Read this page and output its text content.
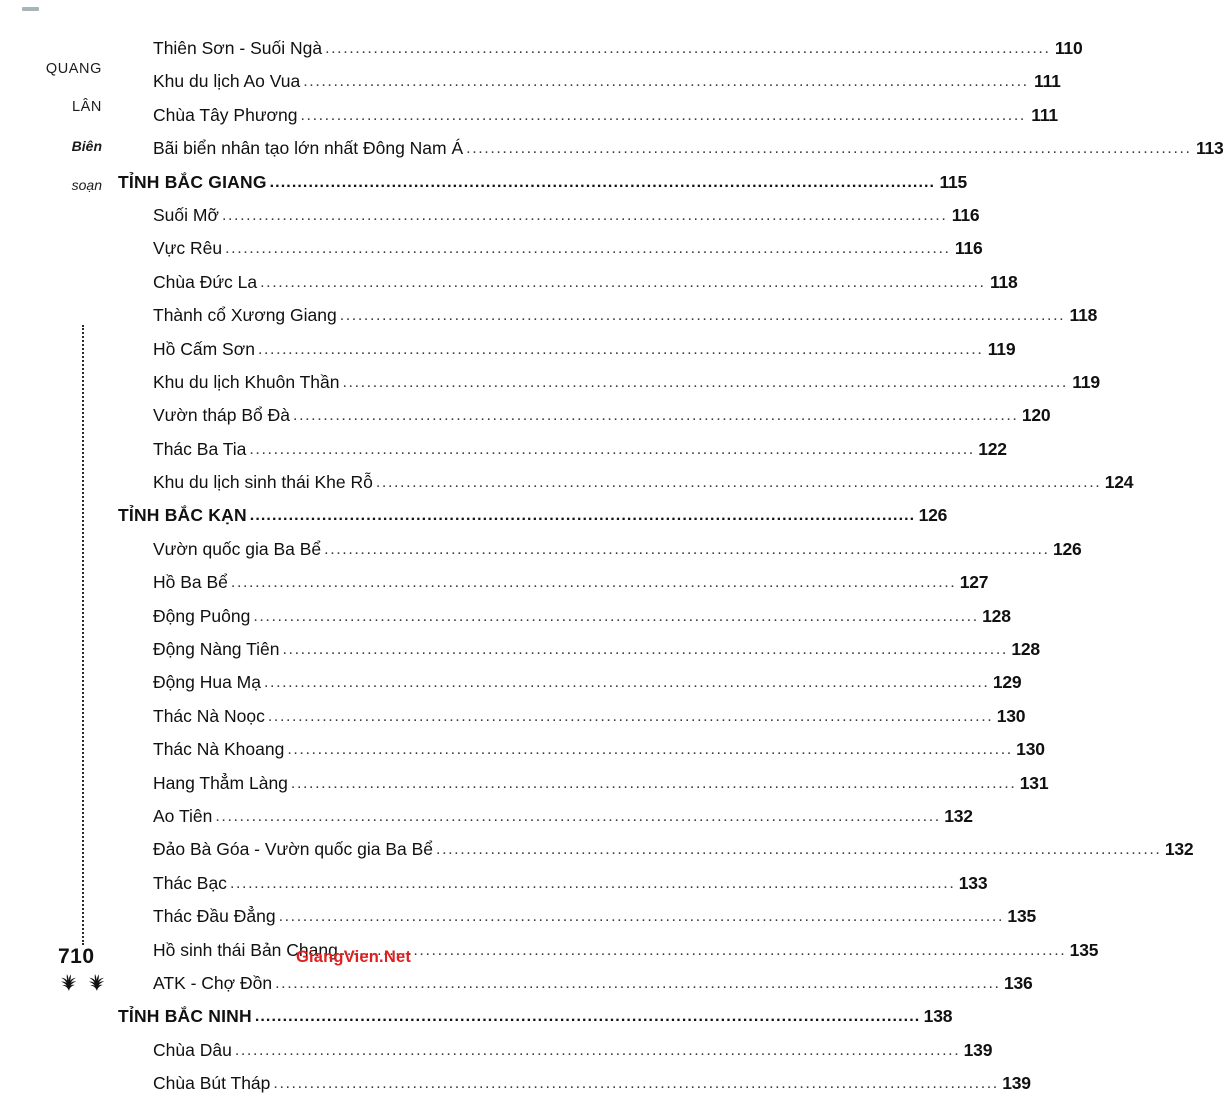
QUANG
LÂN
Biên
soạn
Thiên Sơn - Suối Ngà .....	110
Khu du lịch Ao Vua .....	111
Chùa Tây Phương .....	111
Bãi biển nhân tạo lớn nhất Đông Nam Á .....	113
TỈNH BẮC GIANG .....	115
Suối Mỡ .....	116
Vực Rêu .....	116
Chùa Đức La .....	118
Thành cổ Xương Giang .....	118
Hồ Cấm Sơn .....	119
Khu du lịch Khuôn Thần .....	119
Vườn tháp Bổ Đà .....	120
Thác Ba Tia .....	122
Khu du lịch sinh thái Khe Rỗ .....	124
TỈNH BẮC KẠN .....	126
Vườn quốc gia Ba Bể .....	126
Hồ Ba Bể .....	127
Động Puông .....	128
Động Nàng Tiên .....	128
Động Hua Mạ .....	129
Thác Nà Noọc .....	130
Thác Nà Khoang .....	130
Hang Thẳm Làng .....	131
Ao Tiên .....	132
Đảo Bà Góa - Vườn quốc gia Ba Bể .....	132
Thác Bạc .....	133
Thác Đầu Đẳng .....	135
Hồ sinh thái Bản Chang .....	135
ATK - Chợ Đồn .....	136
TỈNH BẮC NINH .....	138
Chùa Dâu .....	139
Chùa Bút Tháp .....	139
710	GiangVien.Net
